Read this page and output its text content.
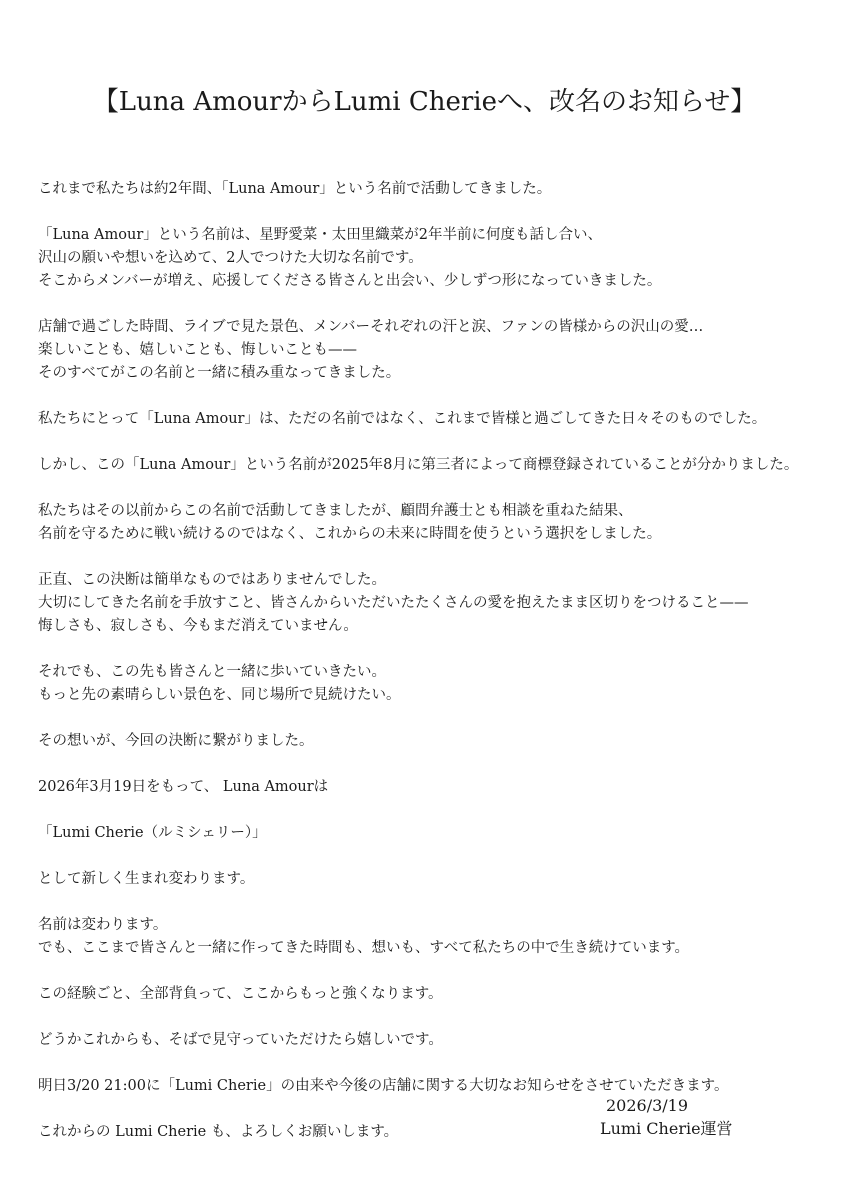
【Luna AmourからLumi Cherieへ、改名のお知らせ】

これまで私たちは約2年間、「Luna Amour」という名前で活動してきました。

「Luna Amour」という名前は、星野愛菜・太田里織菜が2年半前に何度も話し合い、
沢山の願いや想いを込めて、2人でつけた大切な名前です。
そこからメンバーが増え、応援してくださる皆さんと出会い、少しずつ形になっていきました。

店舗で過ごした時間、ライブで見た景色、メンバーそれぞれの汗と涙、ファンの皆様からの沢山の愛…
楽しいことも、嬉しいことも、悔しいことも——
そのすべてがこの名前と一緒に積み重なってきました。

私たちにとって「Luna Amour」は、ただの名前ではなく、これまで皆様と過ごしてきた日々そのものでした。

しかし、この「Luna Amour」という名前が2025年8月に第三者によって商標登録されていることが分かりました。

私たちはその以前からこの名前で活動してきましたが、顧問弁護士とも相談を重ねた結果、
名前を守るために戦い続けるのではなく、これからの未来に時間を使うという選択をしました。

正直、この決断は簡単なものではありませんでした。
大切にしてきた名前を手放すこと、皆さんからいただいたたくさんの愛を抱えたまま区切りをつけること——
悔しさも、寂しさも、今もまだ消えていません。

それでも、この先も皆さんと一緒に歩いていきたい。
もっと先の素晴らしい景色を、同じ場所で見続けたい。

その想いが、今回の決断に繋がりました。

2026年3月19日をもって、 Luna Amourは

「Lumi Cherie（ルミシェリー）」

として新しく生まれ変わります。

名前は変わります。
でも、ここまで皆さんと一緒に作ってきた時間も、想いも、すべて私たちの中で生き続けています。

この経験ごと、全部背負って、ここからもっと強くなります。

どうかこれからも、そばで見守っていただけたら嬉しいです。

明日3/20 21:00に「Lumi Cherie」の由来や今後の店舗に関する大切なお知らせをさせていただきます。

これからの Lumi Cherie も、よろしくお願いします。

2026/3/19
Lumi Cherie運営
